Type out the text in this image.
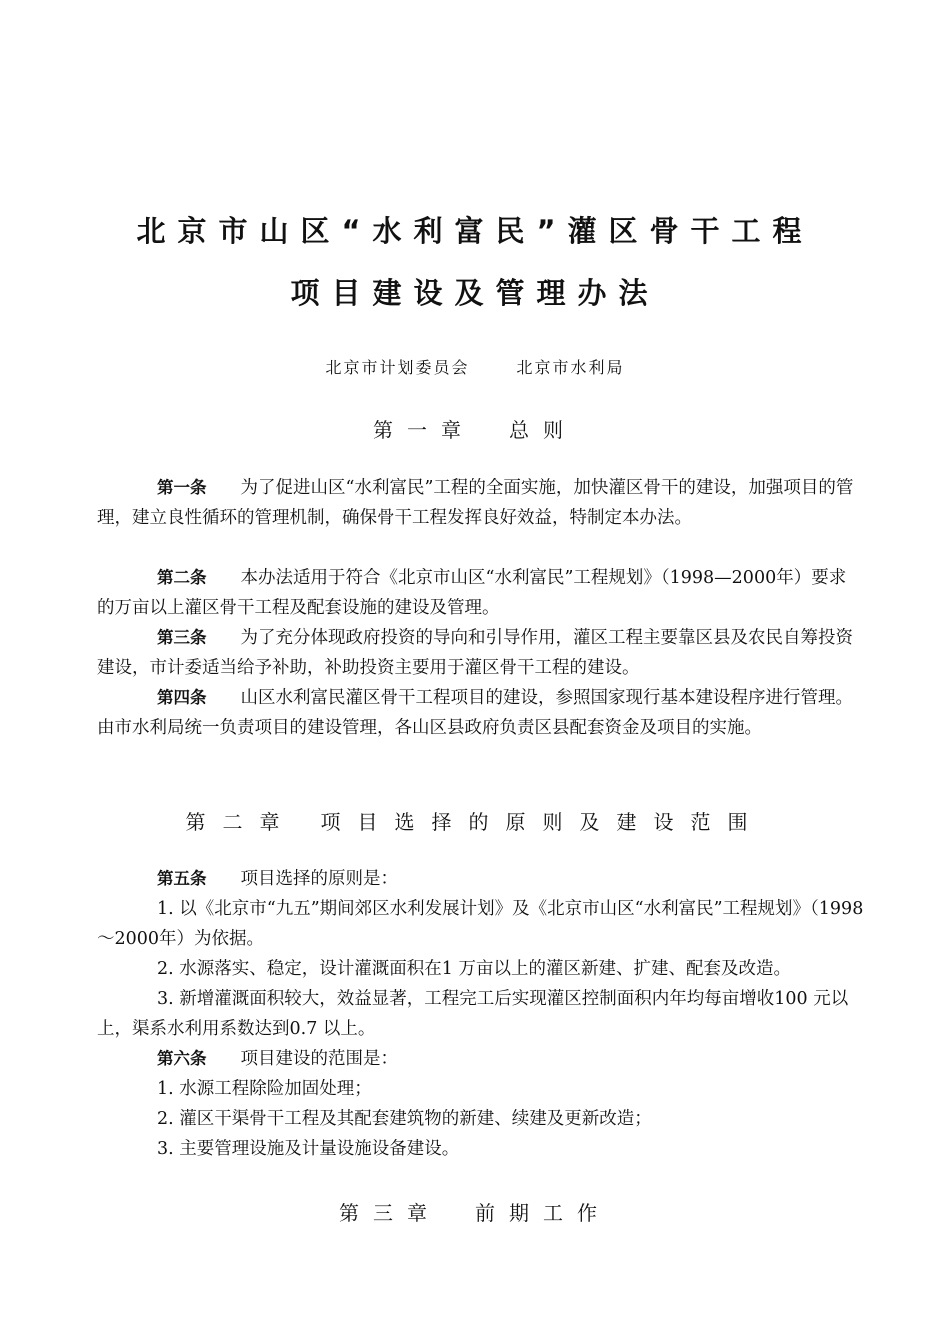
北京市山区“水利富民”灌区骨干工程
项目建设及管理办法
北京市计划委员会	北京市水利局
第一章 总则
第一条 为了促进山区“水利富民”工程的全面实施，加快灌区骨干的建设，加强项目的管理，建立良性循环的管理机制，确保骨干工程发挥良好效益，特制定本办法。
第二条 本办法适用于符合《北京市山区“水利富民”工程规划》（1998—2000年）要求的万亩以上灌区骨干工程及配套设施的建设及管理。
第三条 为了充分体现政府投资的导向和引导作用，灌区工程主要靠区县及农民自筹投资建设，市计委适当给予补助，补助投资主要用于灌区骨干工程的建设。
第四条 山区水利富民灌区骨干工程项目的建设，参照国家现行基本建设程序进行管理。由市水利局统一负责项目的建设管理，各山区县政府负责区县配套资金及项目的实施。
第二章 项目选择的原则及建设范围
第五条 项目选择的原则是：
1. 以《北京市“九五”期间郊区水利发展计划》及《北京市山区“水利富民”工程规划》（1998～2000年）为依据。
2. 水源落实、稳定，设计灌溉面积在1 万亩以上的灌区新建、扩建、配套及改造。
3. 新增灌溉面积较大，效益显著，工程完工后实现灌区控制面积内年均每亩增收100 元以上，渠系水利用系数达到0.7 以上。
第六条 项目建设的范围是：
1. 水源工程除险加固处理；
2. 灌区干渠骨干工程及其配套建筑物的新建、续建及更新改造；
3. 主要管理设施及计量设施设备建设。
第三章 前期工作
